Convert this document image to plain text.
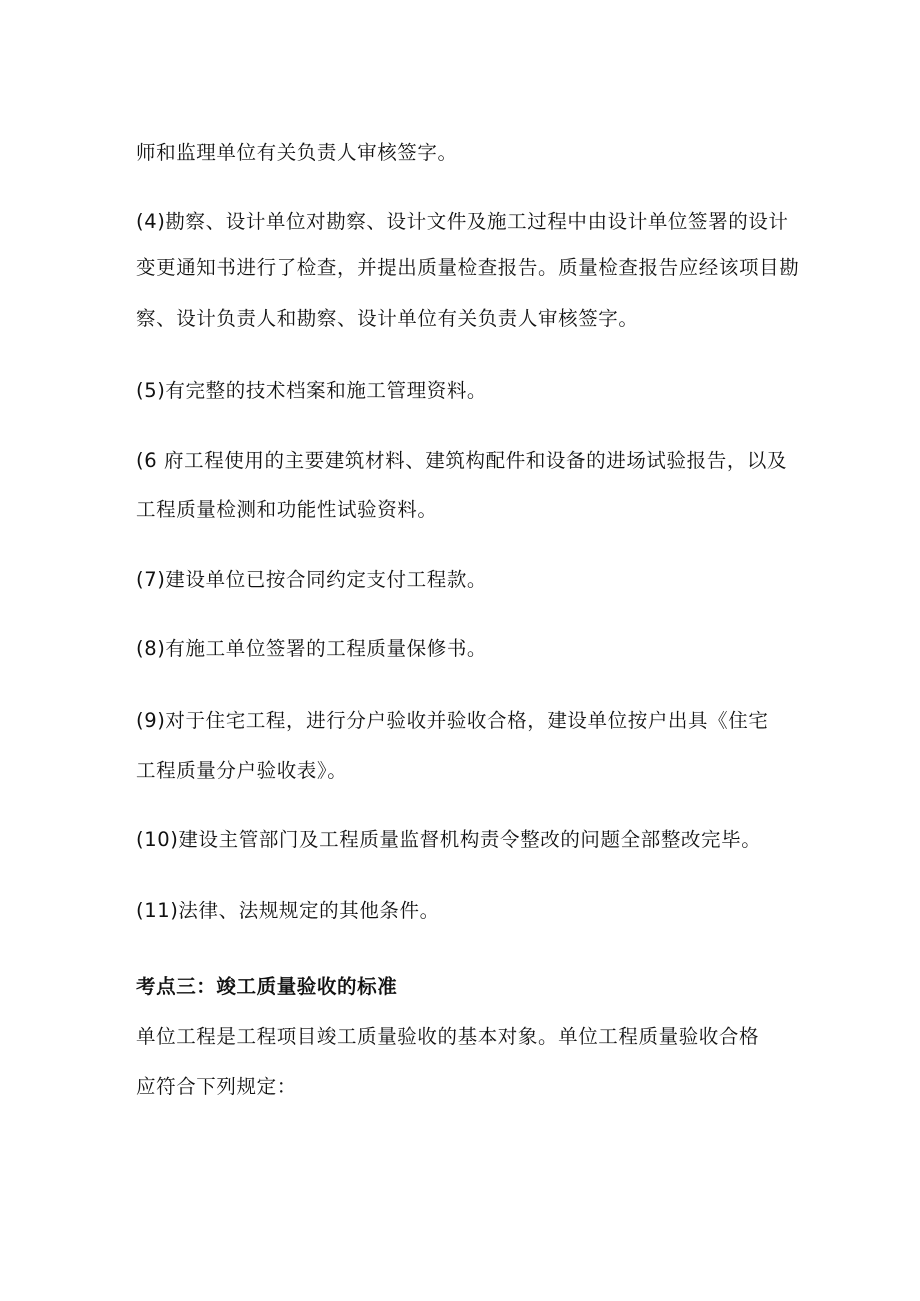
师和监理单位有关负责人审核签字。

(4)勘察、设计单位对勘察、设计文件及施工过程中由设计单位签署的设计

变更通知书进行了检查，并提出质量检查报告。质量检查报告应经该项目勘

察、设计负责人和勘察、设计单位有关负责人审核签字。

(5)有完整的技术档案和施工管理资料。

(6 府工程使用的主要建筑材料、建筑构配件和设备的进场试验报告，以及

工程质量检测和功能性试验资料。

(7)建设单位已按合同约定支付工程款。

(8)有施工单位签署的工程质量保修书。

(9)对于住宅工程，进行分户验收并验收合格，建设单位按户出具《住宅

工程质量分户验收表》。

(10)建设主管部门及工程质量监督机构责令整改的问题全部整改完毕。

(11)法律、法规规定的其他条件。

考点三：竣工质量验收的标准

单位工程是工程项目竣工质量验收的基本对象。单位工程质量验收合格

应符合下列规定：
